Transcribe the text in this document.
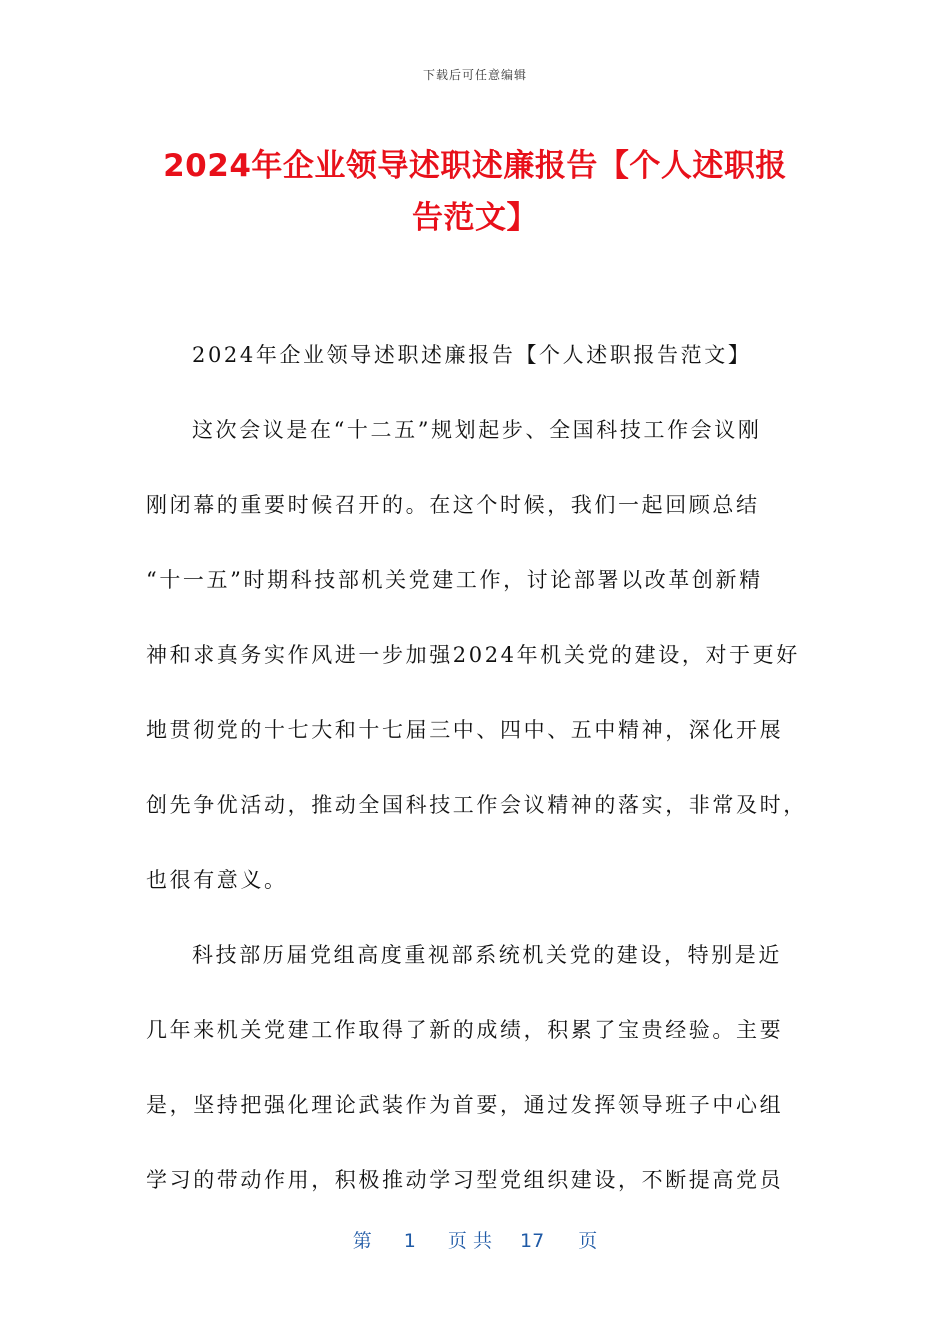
下载后可任意编辑
2024年企业领导述职述廉报告【个人述职报
告范文】

2024年企业领导述职述廉报告【个人述职报告范文】

这次会议是在“十二五”规划起步、全国科技工作会议刚
刚闭幕的重要时候召开的。在这个时候，我们一起回顾总结
“十一五”时期科技部机关党建工作，讨论部署以改革创新精
神和求真务实作风进一步加强2024年机关党的建设，对于更好
地贯彻党的十七大和十七届三中、四中、五中精神，深化开展
创先争优活动，推动全国科技工作会议精神的落实，非常及时，
也很有意义。

科技部历届党组高度重视部系统机关党的建设，特别是近
几年来机关党建工作取得了新的成绩，积累了宝贵经验。主要
是，坚持把强化理论武装作为首要，通过发挥领导班子中心组
学习的带动作用，积极推动学习型党组织建设，不断提高党员

第 1 页 共 17 页
